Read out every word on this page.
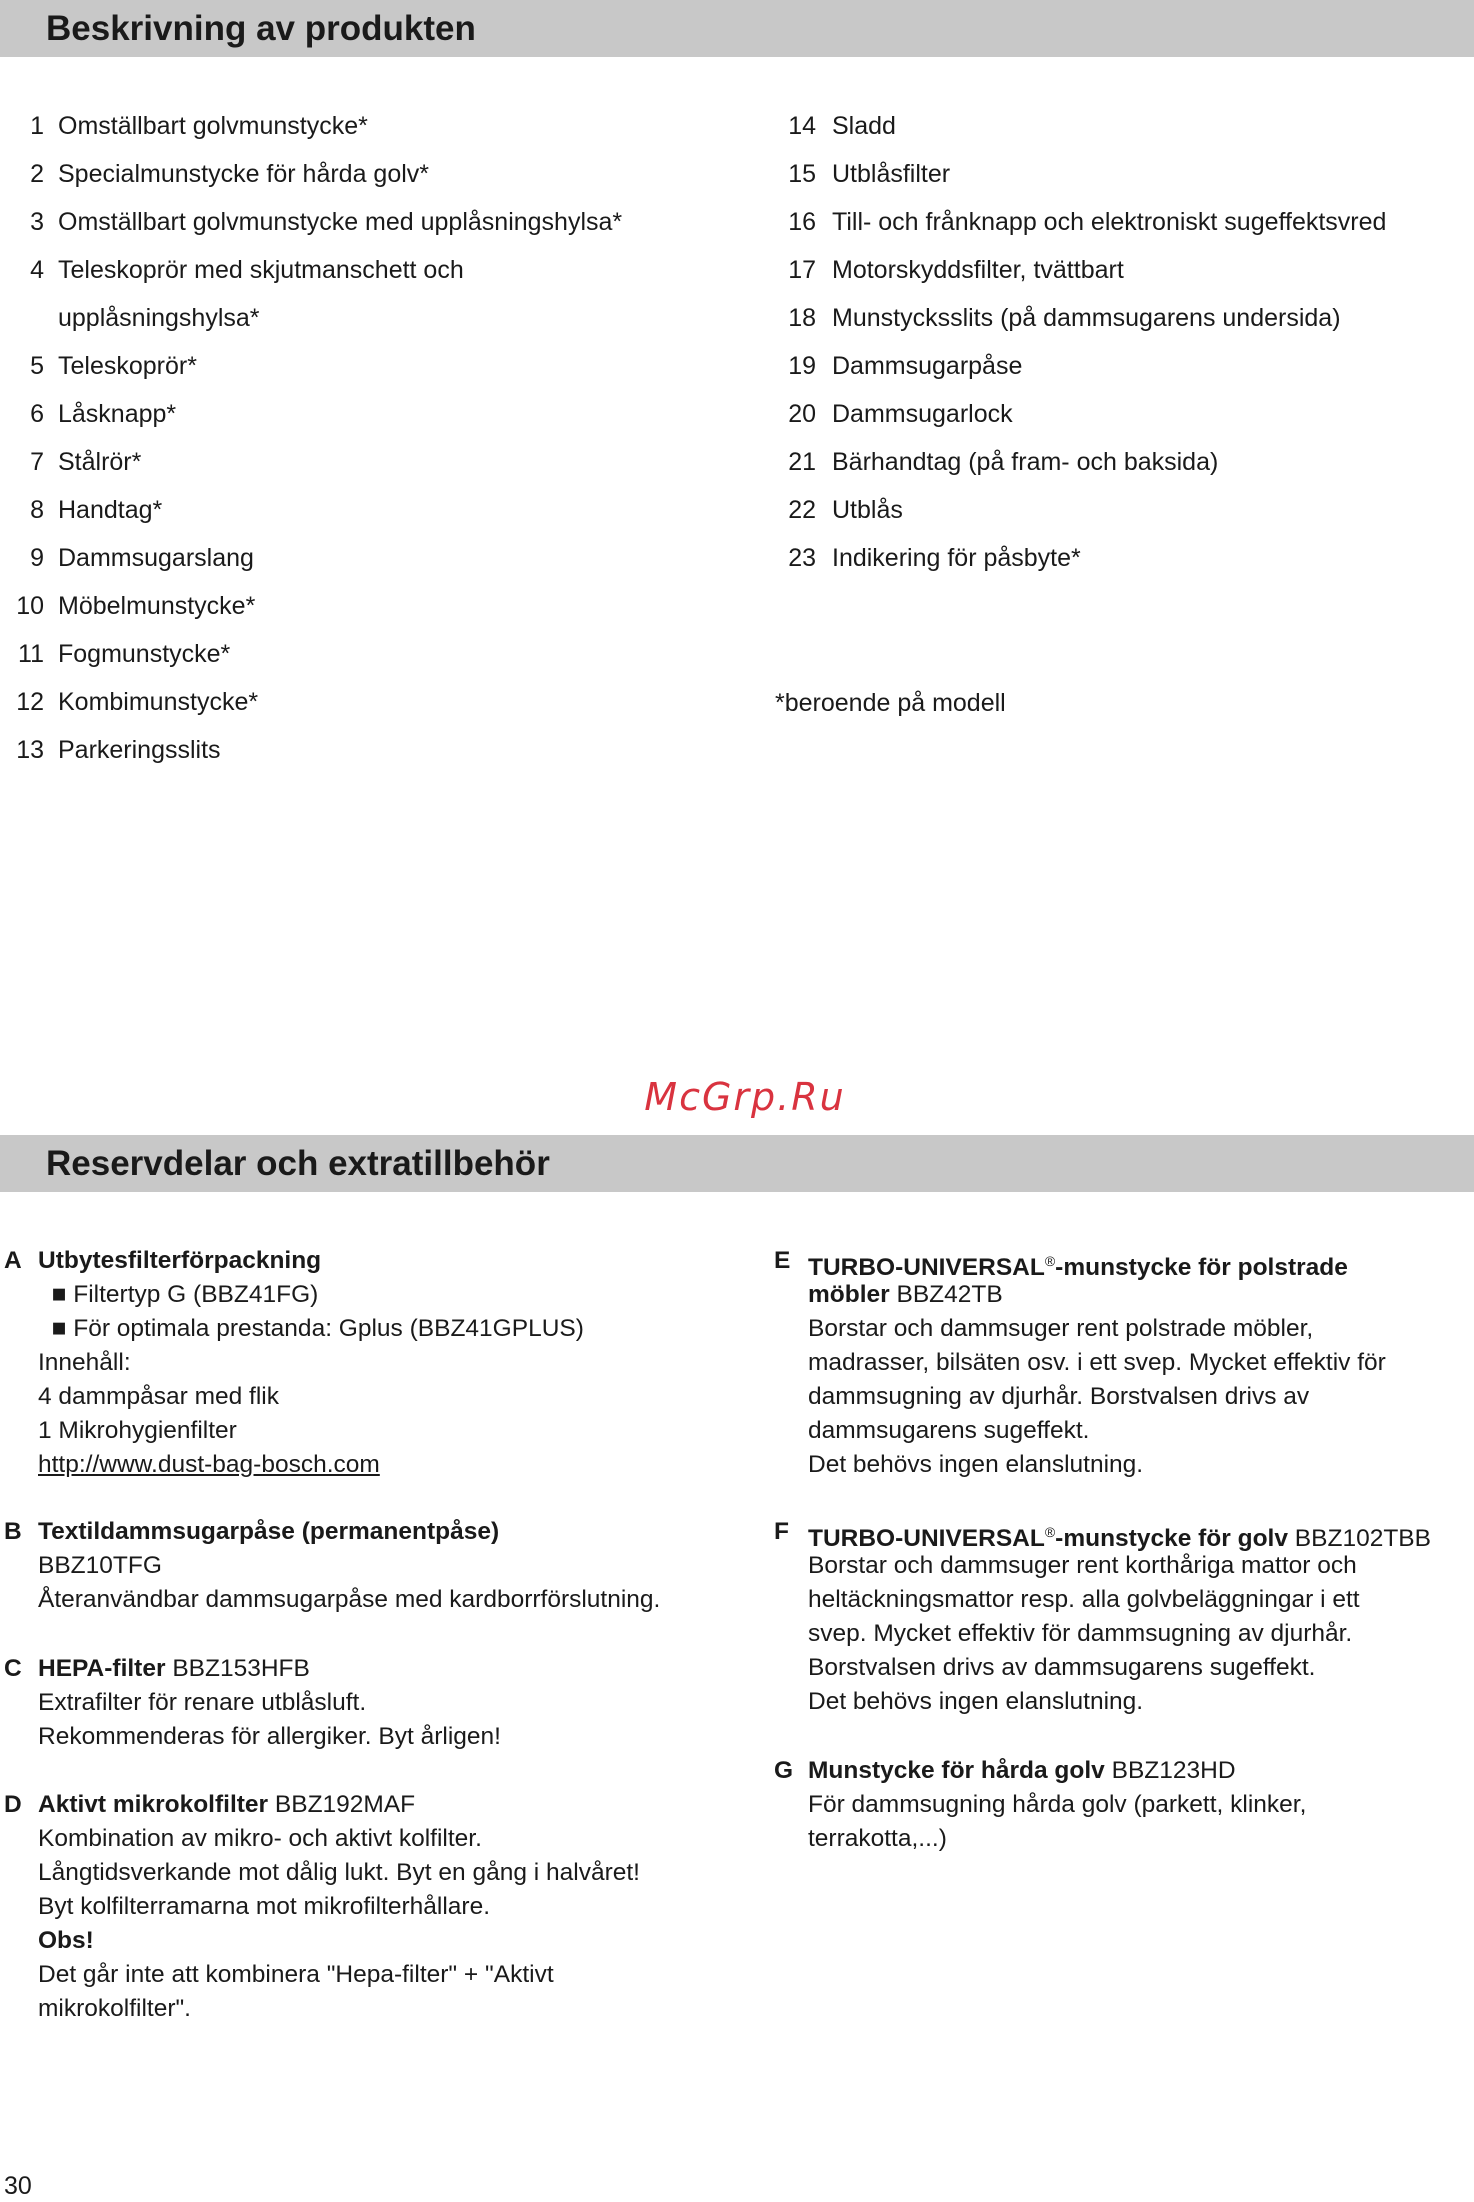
Beskrivning av produkten
1 Omställbart golvmunstycke*
2 Specialmunstycke för hårda golv*
3 Omställbart golvmunstycke med upplåsningshylsa*
4 Teleskoprör med skjutmanschett och
upplåsningshylsa*
5 Teleskoprör*
6 Låsknapp*
7 Stålrör*
8 Handtag*
9 Dammsugarslang
10 Möbelmunstycke*
11 Fogmunstycke*
12 Kombimunstycke*
13 Parkeringsslits
14 Sladd
15 Utblåsfilter
16 Till- och frånknapp och elektroniskt sugeffektsvred
17 Motorskyddsfilter, tvättbart
18 Munstycksslits (på dammsugarens undersida)
19 Dammsugarpåse
20 Dammsugarlock
21 Bärhandtag (på fram- och baksida)
22 Utblås
23 Indikering för påsbyte*
*beroende på modell
McGrp.Ru
Reservdelar och extratillbehör
A Utbytesfilterförpackning
■ Filtertyp G (BBZ41FG)
■ För optimala prestanda: Gplus (BBZ41GPLUS)
Innehåll:
4 dammpåsar med flik
1 Mikrohygienfilter
http://www.dust-bag-bosch.com
B Textildammsugarpåse (permanentpåse)
BBZ10TFG
Återanvändbar dammsugarpåse med kardborrförslutning.
C HEPA-filter BBZ153HFB
Extrafilter för renare utblåsluft.
Rekommenderas för allergiker. Byt årligen!
D Aktivt mikrokolfilter BBZ192MAF
Kombination av mikro- och aktivt kolfilter.
Långtidsverkande mot dålig lukt. Byt en gång i halvåret!
Byt kolfilterramarna mot mikrofilterhållare.
Obs!
Det går inte att kombinera "Hepa-filter" + "Aktivt
mikrokolfilter".
E TURBO-UNIVERSAL®-munstycke för polstrade
möbler BBZ42TB
Borstar och dammsuger rent polstrade möbler,
madrasser, bilsäten osv. i ett svep. Mycket effektiv för
dammsugning av djurhår. Borstvalsen drivs av
dammsugarens sugeffekt.
Det behövs ingen elanslutning.
F TURBO-UNIVERSAL®-munstycke för golv BBZ102TBB
Borstar och dammsuger rent korthåriga mattor och
heltäckningsmattor resp. alla golvbeläggningar i ett
svep. Mycket effektiv för dammsugning av djurhår.
Borstvalsen drivs av dammsugarens sugeffekt.
Det behövs ingen elanslutning.
G Munstycke för hårda golv BBZ123HD
För dammsugning hårda golv (parkett, klinker,
terrakotta,...)
30
